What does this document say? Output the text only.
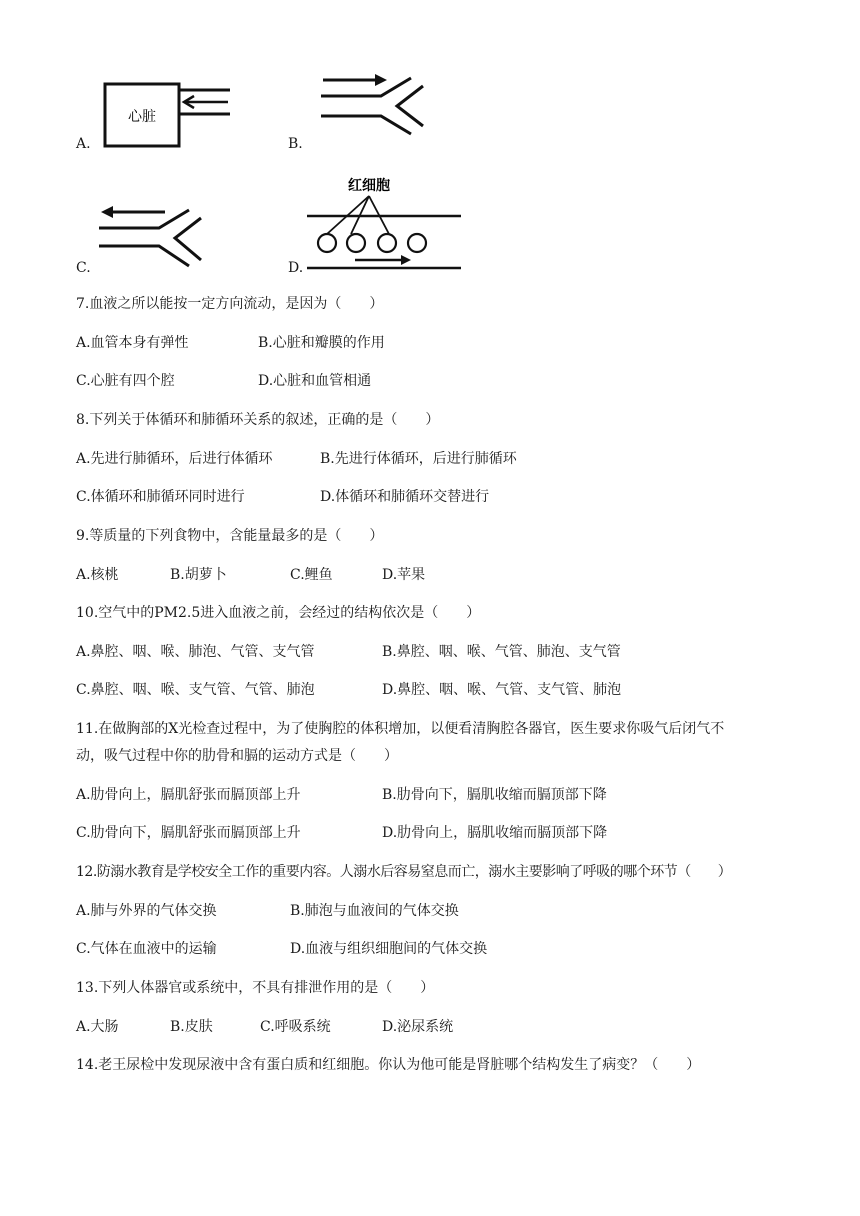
A.
心脏
B.
C.	D.
红细胞
7.血液之所以能按一定方向流动，是因为（　　）
A.血管本身有弹性	B.心脏和瓣膜的作用
C.心脏有四个腔	D.心脏和血管相通
8.下列关于体循环和肺循环关系的叙述，正确的是（　　）
A.先进行肺循环，后进行体循环	B.先进行体循环，后进行肺循环
C.体循环和肺循环同时进行	D.体循环和肺循环交替进行
9.等质量的下列食物中，含能量最多的是（　　）
A.核桃	B.胡萝卜	C.鲤鱼	D.苹果
10.空气中的PM2.5进入血液之前，会经过的结构依次是（　　）
A.鼻腔、咽、喉、肺泡、气管、支气管	B.鼻腔、咽、喉、气管、肺泡、支气管
C.鼻腔、咽、喉、支气管、气管、肺泡	D.鼻腔、咽、喉、气管、支气管、肺泡
11.在做胸部的X光检查过程中，为了使胸腔的体积增加，以便看清胸腔各器官，医生要求你吸气后闭气不
动，吸气过程中你的肋骨和膈的运动方式是（　　）
A.肋骨向上，膈肌舒张而膈顶部上升	B.肋骨向下，膈肌收缩而膈顶部下降
C.肋骨向下，膈肌舒张而膈顶部上升	D.肋骨向上，膈肌收缩而膈顶部下降
12.防溺水教育是学校安全工作的重要内容。人溺水后容易窒息而亡，溺水主要影响了呼吸的哪个环节（　　）
A.肺与外界的气体交换	B.肺泡与血液间的气体交换
C.气体在血液中的运输	D.血液与组织细胞间的气体交换
13.下列人体器官或系统中，不具有排泄作用的是（　　）
A.大肠	B.皮肤	C.呼吸系统	D.泌尿系统
14.老王尿检中发现尿液中含有蛋白质和红细胞。你认为他可能是肾脏哪个结构发生了病变？（　　）
